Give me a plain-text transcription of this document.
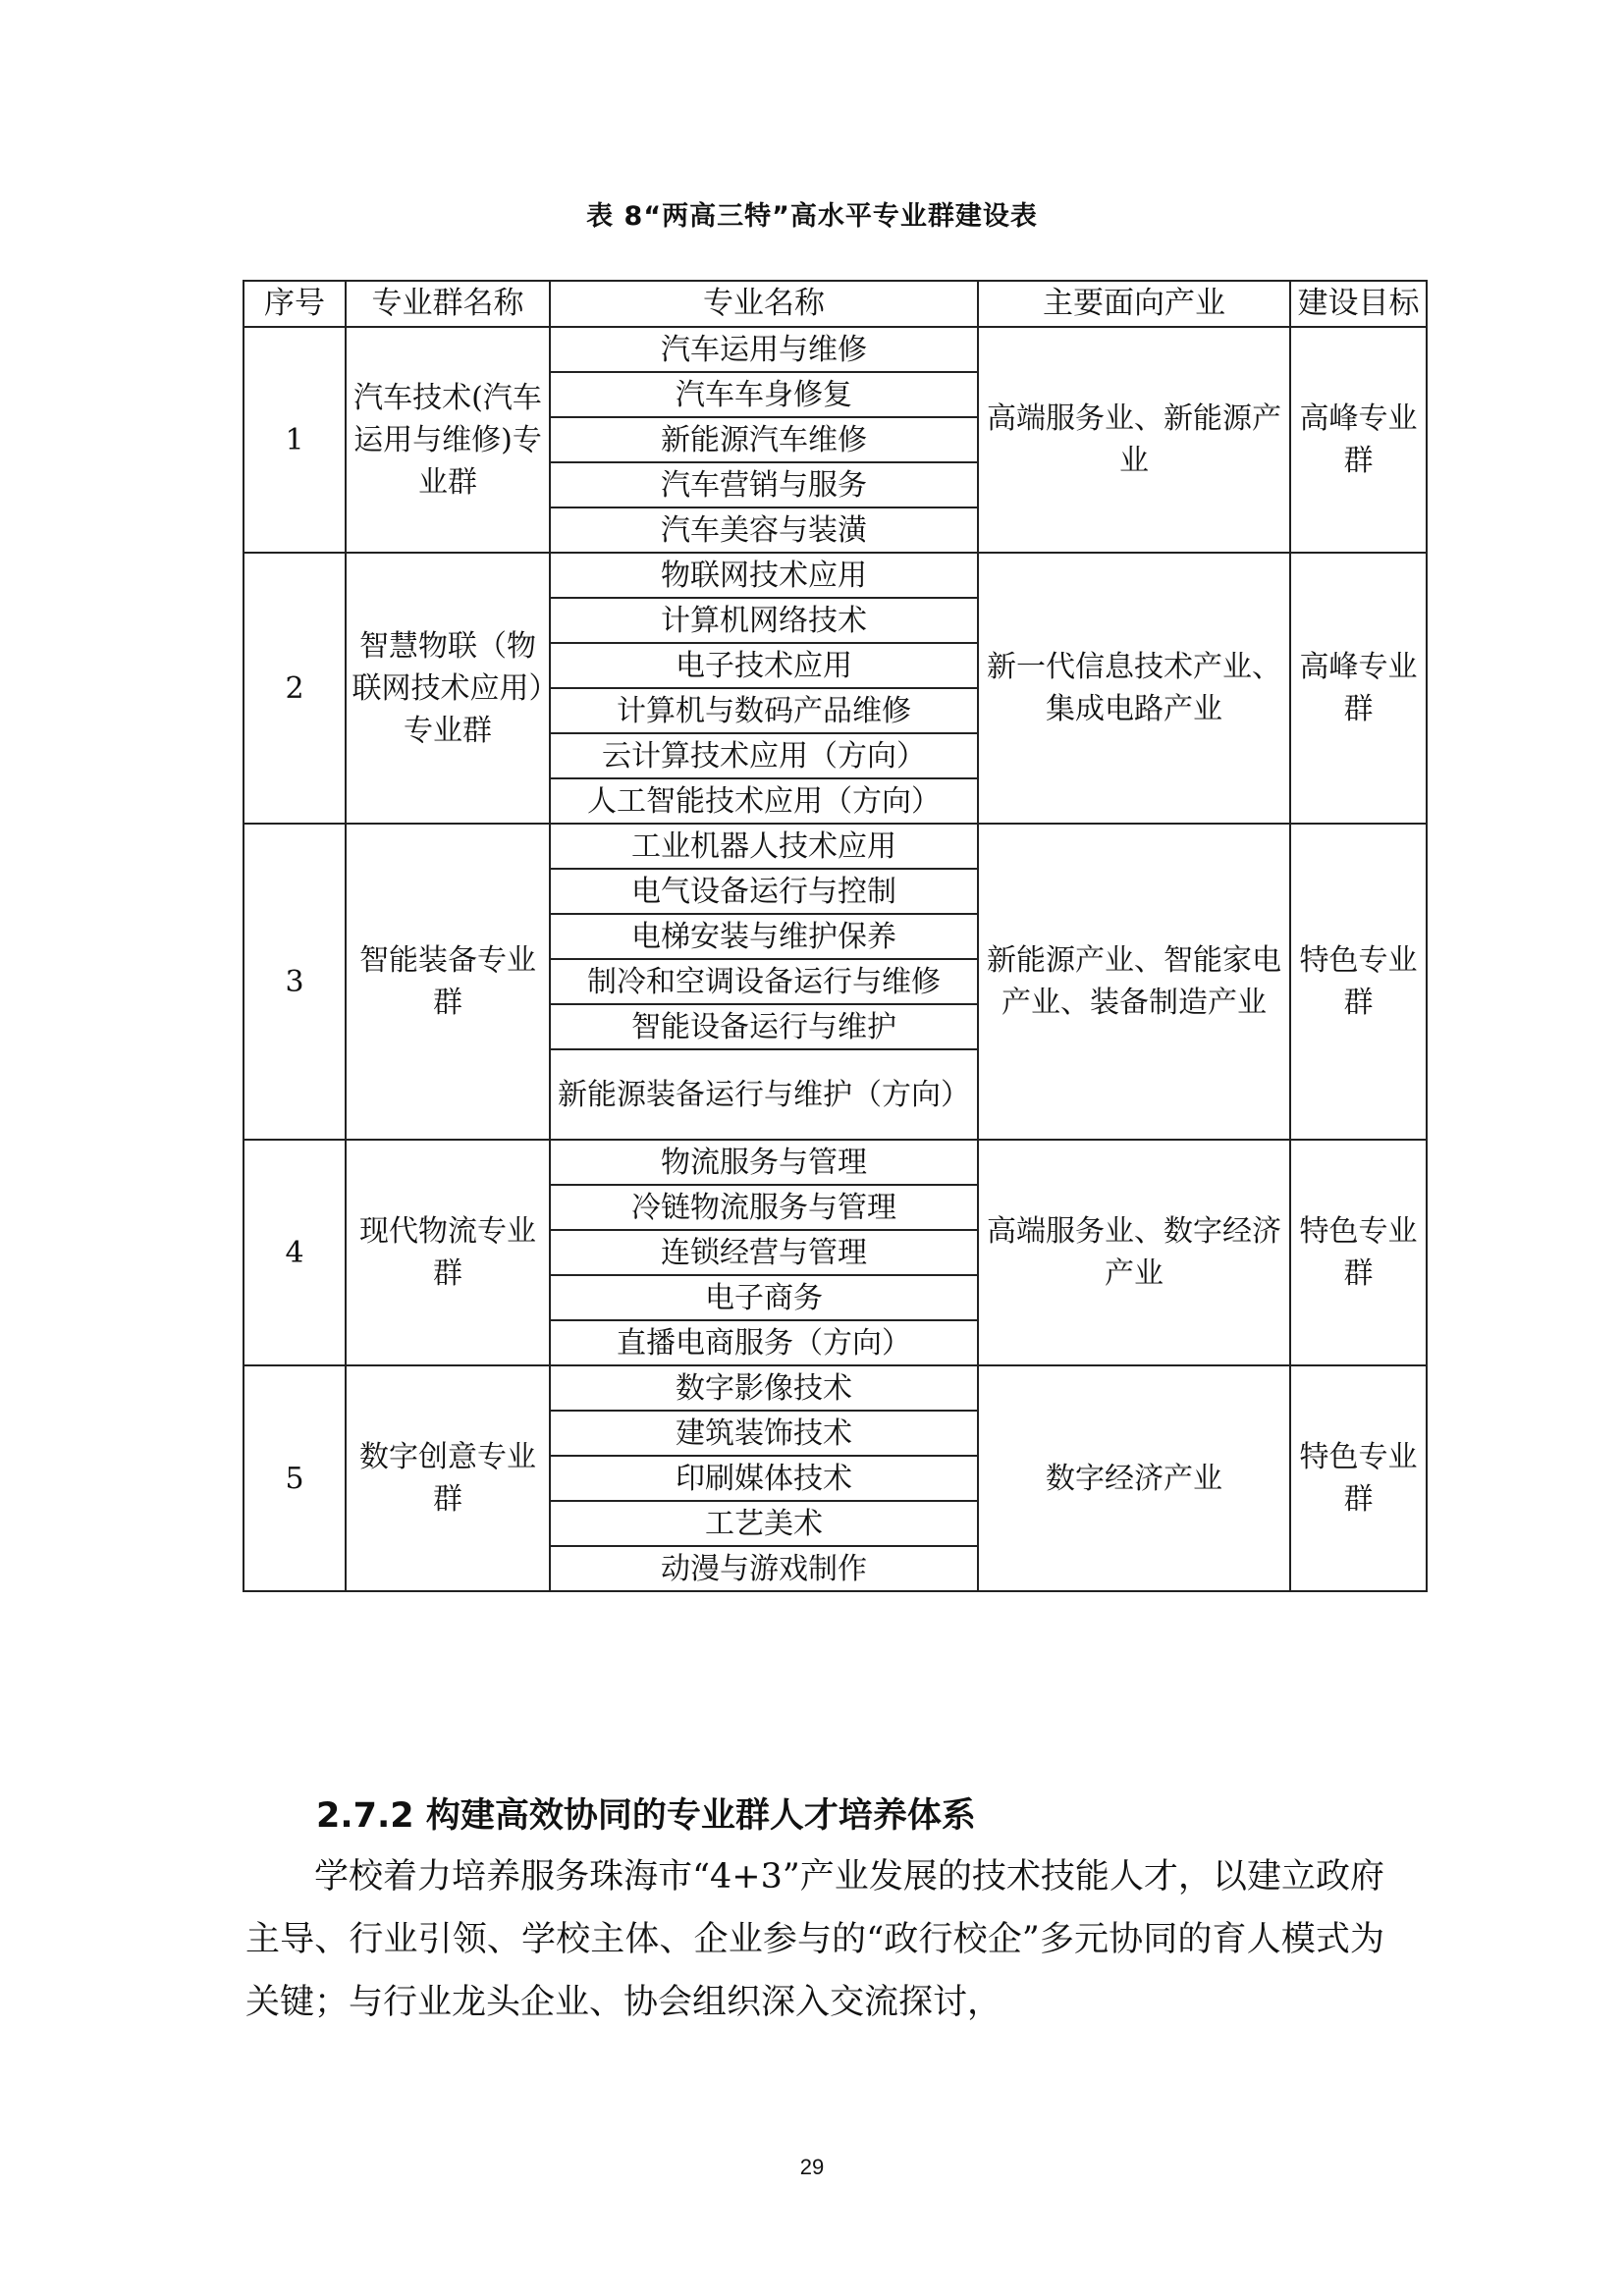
表 8“两高三特”高水平专业群建设表
序号	专业群名称	专业名称	主要面向产业	建设目标
1	汽车技术(汽车运用与维修)专业群	汽车运用与维修	高端服务业、新能源产业	高峰专业群
		汽车车身修复		
		新能源汽车维修		
		汽车营销与服务		
		汽车美容与装潢		
2	智慧物联（物联网技术应用）专业群	物联网技术应用	新一代信息技术产业、集成电路产业	高峰专业群
		计算机网络技术		
		电子技术应用		
		计算机与数码产品维修		
		云计算技术应用（方向）		
		人工智能技术应用（方向）		
3	智能装备专业群	工业机器人技术应用	新能源产业、智能家电产业、装备制造产业	特色专业群
		电气设备运行与控制		
		电梯安装与维护保养		
		制冷和空调设备运行与维修		
		智能设备运行与维护		
		新能源装备运行与维护（方向）		
4	现代物流专业群	物流服务与管理	高端服务业、数字经济产业	特色专业群
		冷链物流服务与管理		
		连锁经营与管理		
		电子商务		
		直播电商服务（方向）		
5	数字创意专业群	数字影像技术	数字经济产业	特色专业群
		建筑装饰技术		
		印刷媒体技术		
		工艺美术		
		动漫与游戏制作		
2.7.2 构建高效协同的专业群人才培养体系

学校着力培养服务珠海市“4+3”产业发展的技术技能人才，以建立政府主导、行业引领、学校主体、企业参与的“政行校企”多元协同的育人模式为关键；与行业龙头企业、协会组织深入交流探讨，

29
